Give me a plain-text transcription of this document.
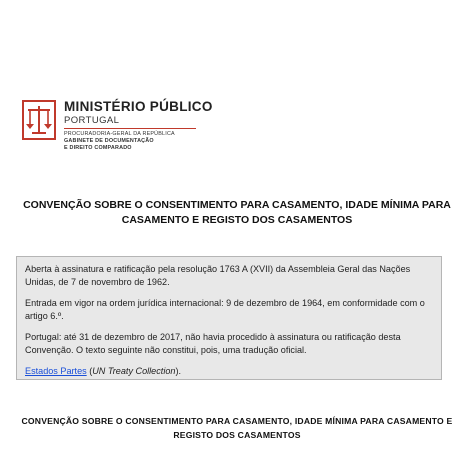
MINISTÉRIO PÚBLICO
PORTUGAL
PROCURADORIA-GERAL DA REPÚBLICA
GABINETE DE DOCUMENTAÇÃO
E DIREITO COMPARADO
CONVENÇÃO SOBRE O CONSENTIMENTO PARA CASAMENTO, IDADE MÍNIMA PARA
CASAMENTO E REGISTO DOS CASAMENTOS

Aberta à assinatura e ratificação pela resolução 1763 A (XVII) da Assembleia Geral das Nações Unidas, de 7 de novembro de 1962.

Entrada em vigor na ordem jurídica internacional: 9 de dezembro de 1964, em conformidade com o artigo 6.º.

Portugal: até 31 de dezembro de 2017, não havia procedido à assinatura ou ratificação desta Convenção. O texto seguinte não constitui, pois, uma tradução oficial.

Estados Partes (UN Treaty Collection).

CONVENÇÃO SOBRE O CONSENTIMENTO PARA CASAMENTO, IDADE MÍNIMA PARA CASAMENTO E
REGISTO DOS CASAMENTOS
